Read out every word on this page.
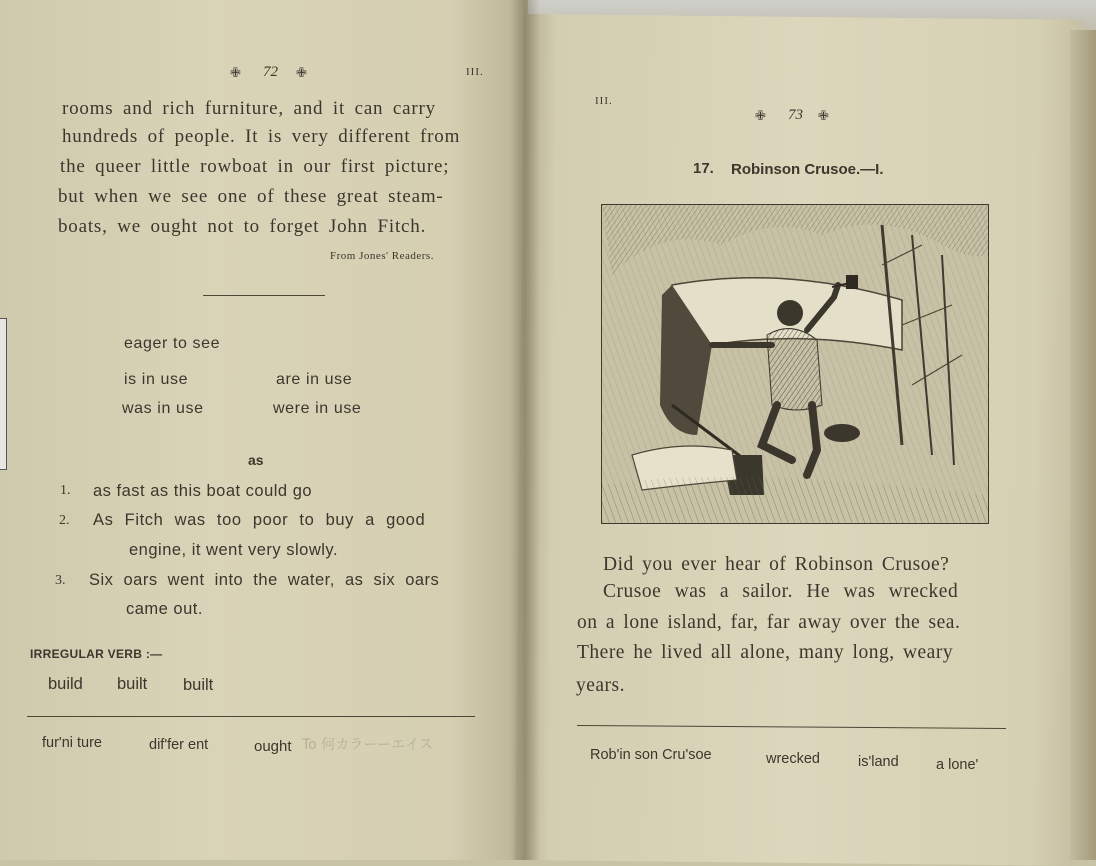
✙ 72 ✙	III.
rooms and rich furniture, and it can carry
hundreds of people. It is very different from
the queer little rowboat in our first picture;
but when we see one of these great steam-
boats, we ought not to forget John Fitch.
From Jones' Readers.
eager to see
is in use	are in use
was in use	were in use
as
1. as fast as this boat could go
2. As Fitch was too poor to buy a good
engine, it went very slowly.
3. Six oars went into the water, as six oars
came out.
IRREGULAR VERB :—
build built built
fur'ni ture	dif'fer ent	ought To 何カラーーエイス
III.
✙ 73 ✙
17. Robinson Crusoe.—I.
Did you ever hear of Robinson Crusoe?
Crusoe was a sailor. He was wrecked
on a lone island, far, far away over the sea.
There he lived all alone, many long, weary
years.
Rob'in son Cru'soe	wrecked	is'land	a lone'
